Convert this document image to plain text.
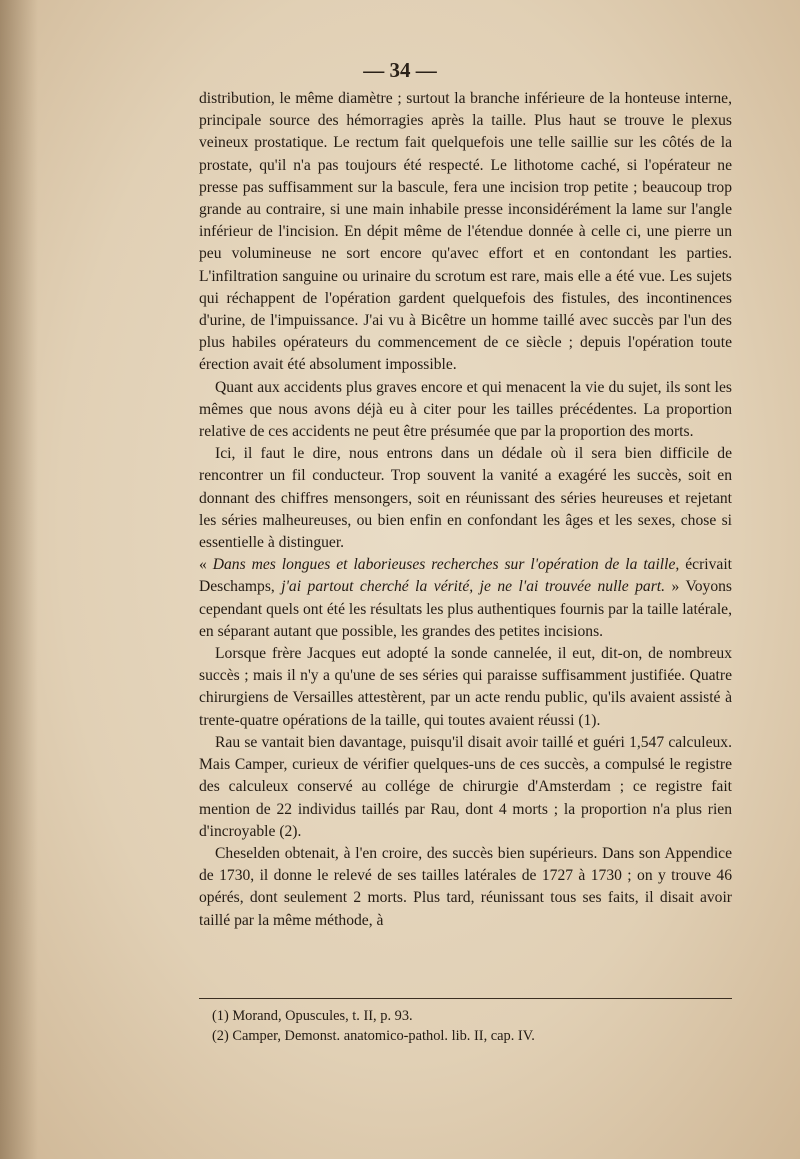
— 34 —

distribution, le même diamètre ; surtout la branche inférieure de la honteuse interne, principale source des hémorragies après la taille. Plus haut se trouve le plexus veineux prostatique. Le rectum fait quelquefois une telle saillie sur les côtés de la prostate, qu'il n'a pas toujours été respecté. Le lithotome caché, si l'opérateur ne presse pas suffisamment sur la bascule, fera une incision trop petite ; beaucoup trop grande au contraire, si une main inhabile presse inconsidérément la lame sur l'angle inférieur de l'incision. En dépit même de l'étendue donnée à celle ci, une pierre un peu volumineuse ne sort encore qu'avec effort et en contondant les parties. L'infiltration sanguine ou urinaire du scrotum est rare, mais elle a été vue. Les sujets qui réchappent de l'opération gardent quelquefois des fistules, des incontinences d'urine, de l'impuissance. J'ai vu à Bicêtre un homme taillé avec succès par l'un des plus habiles opérateurs du commencement de ce siècle ; depuis l'opération toute érection avait été absolument impossible.

Quant aux accidents plus graves encore et qui menacent la vie du sujet, ils sont les mêmes que nous avons déjà eu à citer pour les tailles précédentes. La proportion relative de ces accidents ne peut être présumée que par la proportion des morts.

Ici, il faut le dire, nous entrons dans un dédale où il sera bien difficile de rencontrer un fil conducteur. Trop souvent la vanité a exagéré les succès, soit en donnant des chiffres mensongers, soit en réunissant des séries heureuses et rejetant les séries malheureuses, ou bien enfin en confondant les âges et les sexes, chose si essentielle à distinguer.

« Dans mes longues et laborieuses recherches sur l'opération de la taille, écrivait Deschamps, j'ai partout cherché la vérité, je ne l'ai trouvée nulle part. » Voyons cependant quels ont été les résultats les plus authentiques fournis par la taille latérale, en séparant autant que possible, les grandes des petites incisions.

Lorsque frère Jacques eut adopté la sonde cannelée, il eut, dit-on, de nombreux succès ; mais il n'y a qu'une de ses séries qui paraisse suffisamment justifiée. Quatre chirurgiens de Versailles attestèrent, par un acte rendu public, qu'ils avaient assisté à trente-quatre opérations de la taille, qui toutes avaient réussi (1).

Rau se vantait bien davantage, puisqu'il disait avoir taillé et guéri 1,547 calculeux. Mais Camper, curieux de vérifier quelques-uns de ces succès, a compulsé le registre des calculeux conservé au collége de chirurgie d'Amsterdam ; ce registre fait mention de 22 individus taillés par Rau, dont 4 morts ; la proportion n'a plus rien d'incroyable (2).

Cheselden obtenait, à l'en croire, des succès bien supérieurs. Dans son Appendice de 1730, il donne le relevé de ses tailles latérales de 1727 à 1730 ; on y trouve 46 opérés, dont seulement 2 morts. Plus tard, réunissant tous ses faits, il disait avoir taillé par la même méthode, à

(1) Morand, Opuscules, t. II, p. 93.
(2) Camper, Demonst. anatomico-pathol. lib. II, cap. IV.
